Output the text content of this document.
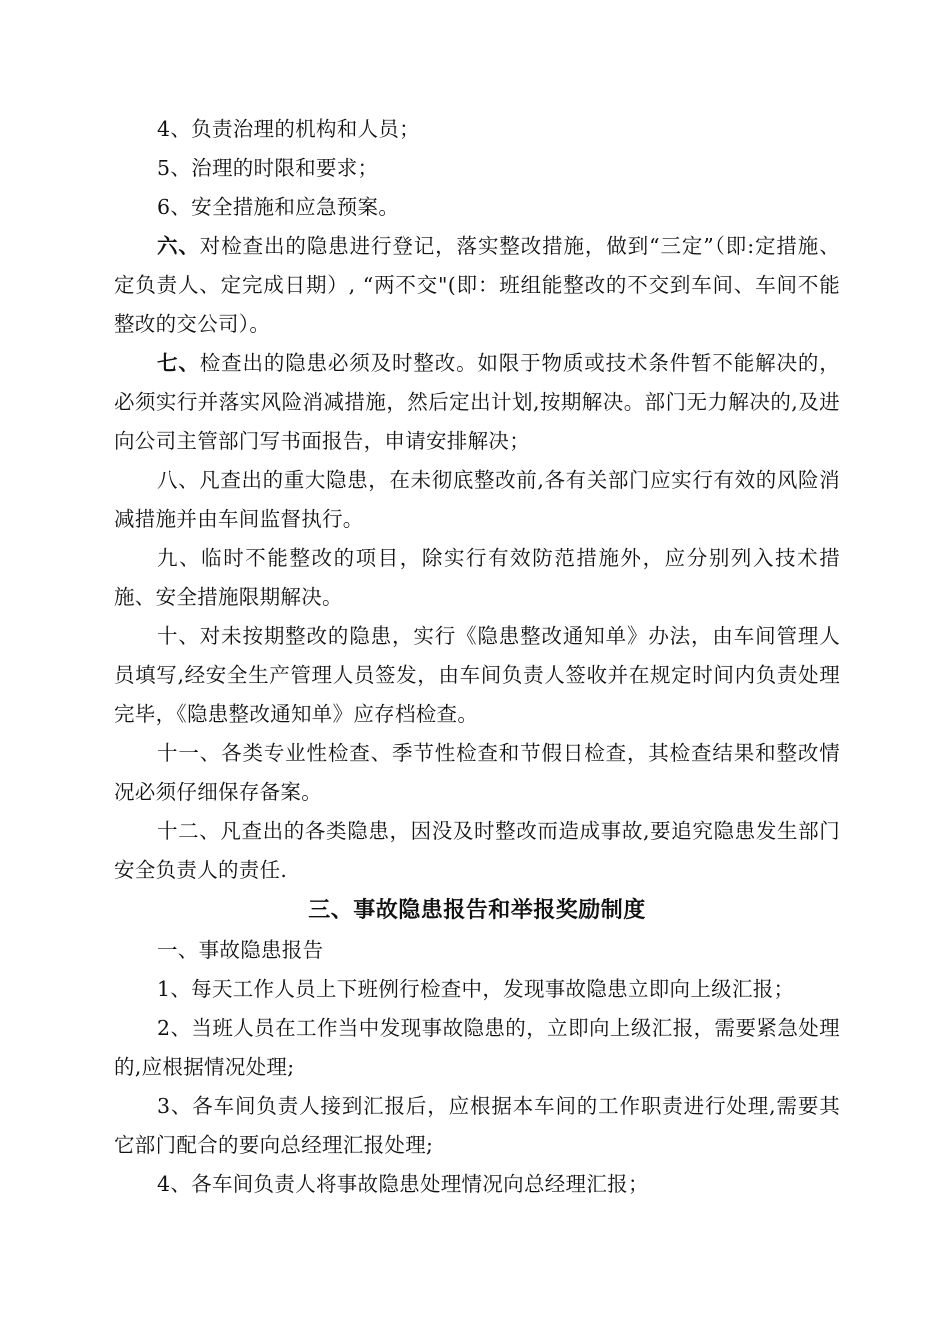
4、负责治理的机构和人员；

5、治理的时限和要求；

6、安全措施和应急预案。

六、对检查出的隐患进行登记，落实整改措施，做到“三定”（即:定措施、定负责人、定完成日期）, “两不交"(即：班组能整改的不交到车间、车间不能整改的交公司）。

七、检查出的隐患必须及时整改。如限于物质或技术条件暂不能解决的，必须实行并落实风险消减措施，然后定出计划,按期解决。部门无力解决的,及进向公司主管部门写书面报告，申请安排解决；

八、凡查出的重大隐患，在未彻底整改前,各有关部门应实行有效的风险消减措施并由车间监督执行。

九、临时不能整改的项目，除实行有效防范措施外，应分别列入技术措施、安全措施限期解决。

十、对未按期整改的隐患，实行《隐患整改通知单》办法，由车间管理人员填写,经安全生产管理人员签发，由车间负责人签收并在规定时间内负责处理完毕，《隐患整改通知单》应存档检查。

十一、各类专业性检查、季节性检查和节假日检查，其检查结果和整改情况必须仔细保存备案。

十二、凡查出的各类隐患，因没及时整改而造成事故,要追究隐患发生部门安全负责人的责任.

三、事故隐患报告和举报奖励制度

一、事故隐患报告

1、每天工作人员上下班例行检查中，发现事故隐患立即向上级汇报；

2、当班人员在工作当中发现事故隐患的，立即向上级汇报，需要紧急处理的,应根据情况处理;

3、各车间负责人接到汇报后，应根据本车间的工作职责进行处理,需要其它部门配合的要向总经理汇报处理;

4、各车间负责人将事故隐患处理情况向总经理汇报；
